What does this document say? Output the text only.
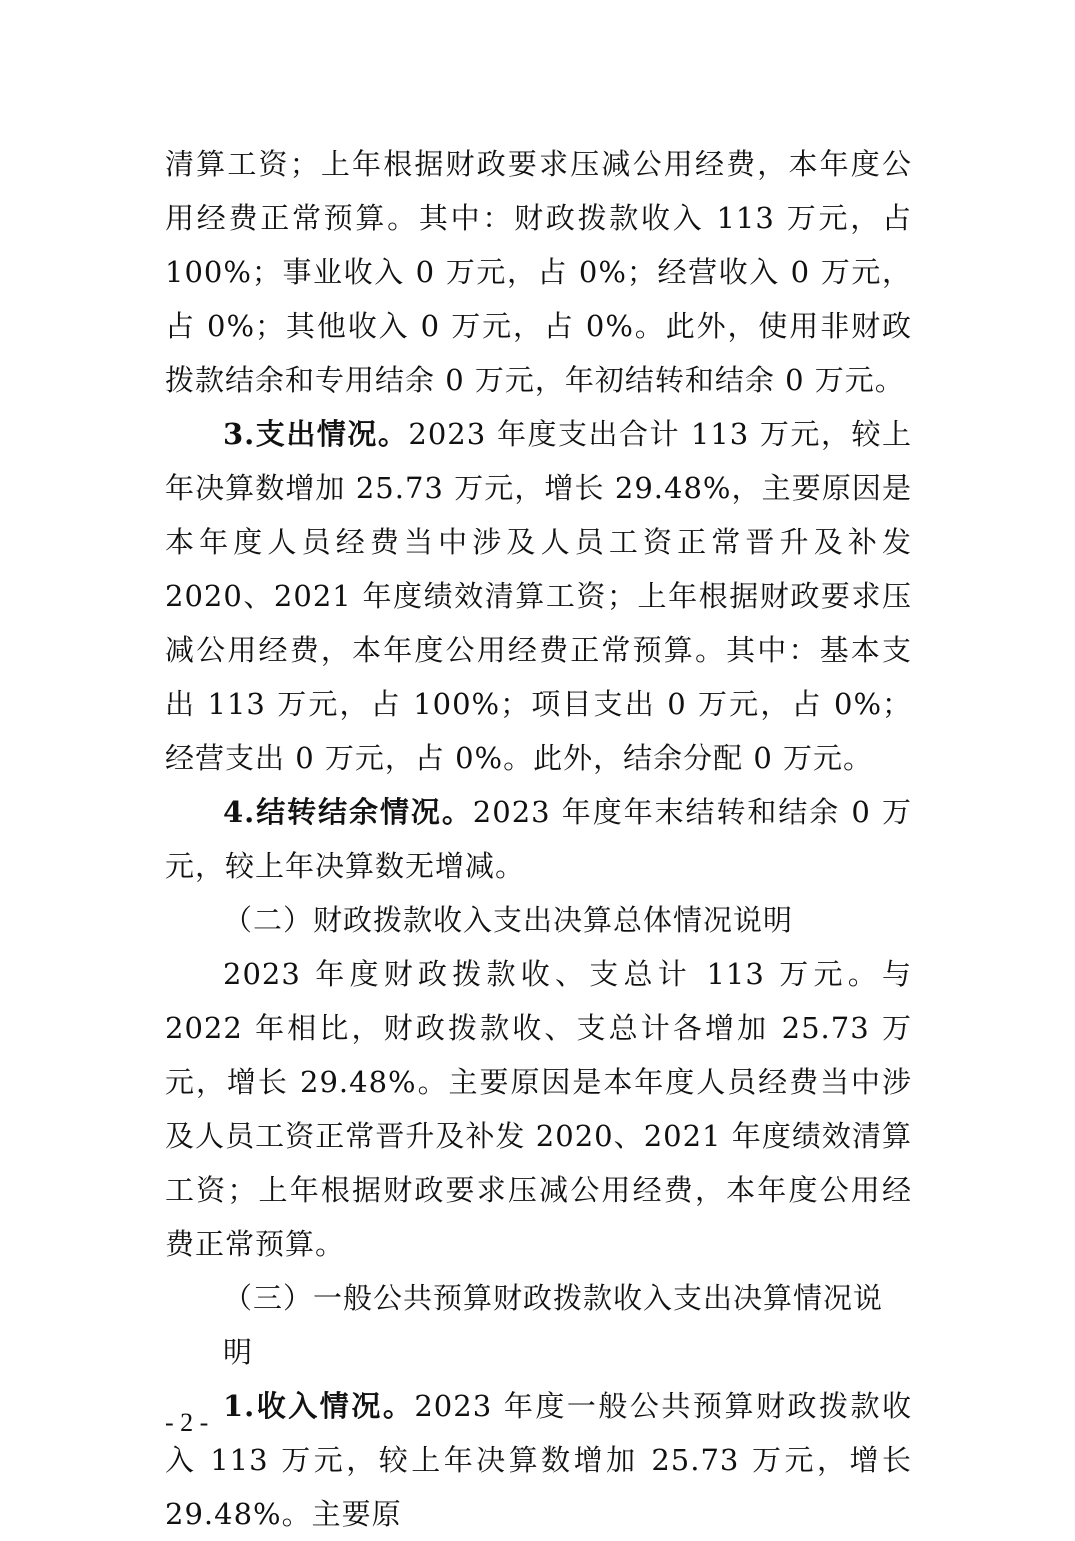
清算工资；上年根据财政要求压减公用经费，本年度公用经费正常预算。其中：财政拨款收入 113 万元，占 100%；事业收入 0 万元，占 0%；经营收入 0 万元，占 0%；其他收入 0 万元，占 0%。此外，使用非财政拨款结余和专用结余 0 万元，年初结转和结余 0 万元。

3.支出情况。2023 年度支出合计 113 万元，较上年决算数增加 25.73 万元，增长 29.48%，主要原因是本年度人员经费当中涉及人员工资正常晋升及补发 2020、2021 年度绩效清算工资；上年根据财政要求压减公用经费，本年度公用经费正常预算。其中：基本支出 113 万元，占 100%；项目支出 0 万元，占 0%；经营支出 0 万元，占 0%。此外，结余分配 0 万元。

4.结转结余情况。2023 年度年末结转和结余 0 万元，较上年决算数无增减。

（二）财政拨款收入支出决算总体情况说明

2023 年度财政拨款收、支总计 113 万元。与 2022 年相比，财政拨款收、支总计各增加 25.73 万元，增长 29.48%。主要原因是本年度人员经费当中涉及人员工资正常晋升及补发 2020、2021 年度绩效清算工资；上年根据财政要求压减公用经费，本年度公用经费正常预算。

（三）一般公共预算财政拨款收入支出决算情况说明

1.收入情况。2023 年度一般公共预算财政拨款收入 113 万元，较上年决算数增加 25.73 万元，增长 29.48%。主要原

- 2 -
